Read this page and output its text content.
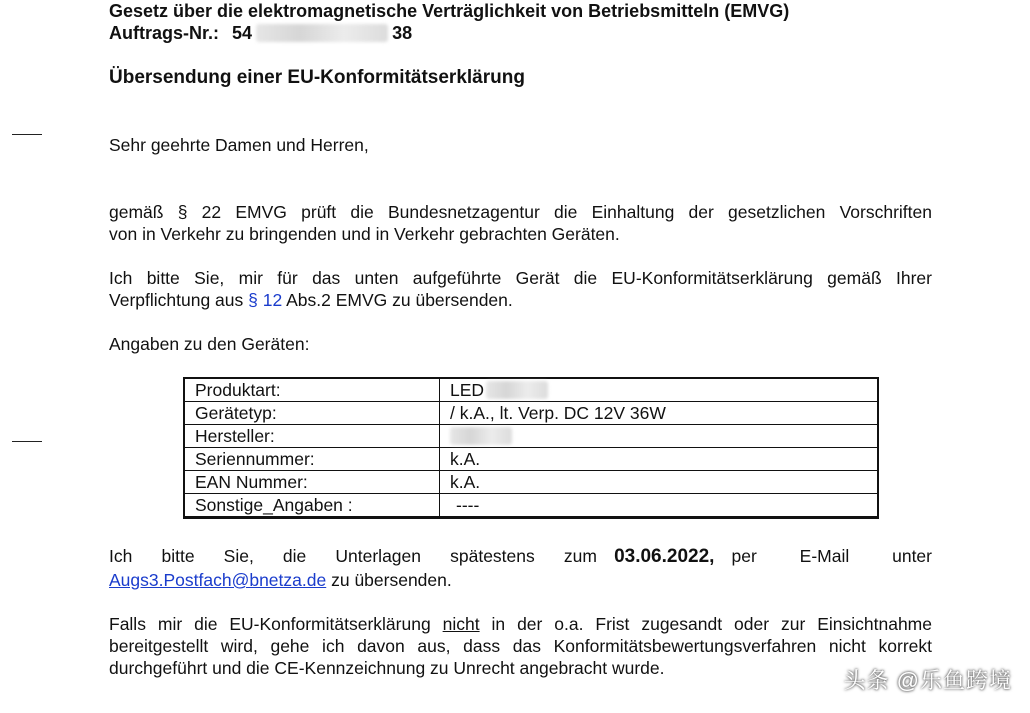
Gesetz über die elektromagnetische Verträglichkeit von Betriebsmitteln (EMVG)
Auftrags-Nr.: 54	38
Übersendung einer EU-Konformitätserklärung
Sehr geehrte Damen und Herren,
gemäß § 22 EMVG prüft die Bundesnetzagentur die Einhaltung der gesetzlichen Vorschriften
von in Verkehr zu bringenden und in Verkehr gebrachten Geräten.
Ich bitte Sie, mir für das unten aufgeführte Gerät die EU-Konformitätserklärung gemäß Ihrer
Verpflichtung aus § 12 Abs.2 EMVG zu übersenden.
Angaben zu den Geräten:
Produktart:	LED
Gerätetyp:	/ k.A., lt. Verp. DC 12V 36W
Hersteller:	
Seriennummer:	k.A.
EAN Nummer:	k.A.
Sonstige_Angaben :	----
Ich bitte Sie, die Unterlagen spätestens zum 03.06.2022, per E-Mail unter
Augs3.Postfach@bnetza.de zu übersenden.
Falls mir die EU-Konformitätserklärung nicht in der o.a. Frist zugesandt oder zur Einsichtnahme
bereitgestellt wird, gehe ich davon aus, dass das Konformitätsbewertungsverfahren nicht korrekt
durchgeführt und die CE-Kennzeichnung zu Unrecht angebracht wurde.	头条 @乐鱼跨境
